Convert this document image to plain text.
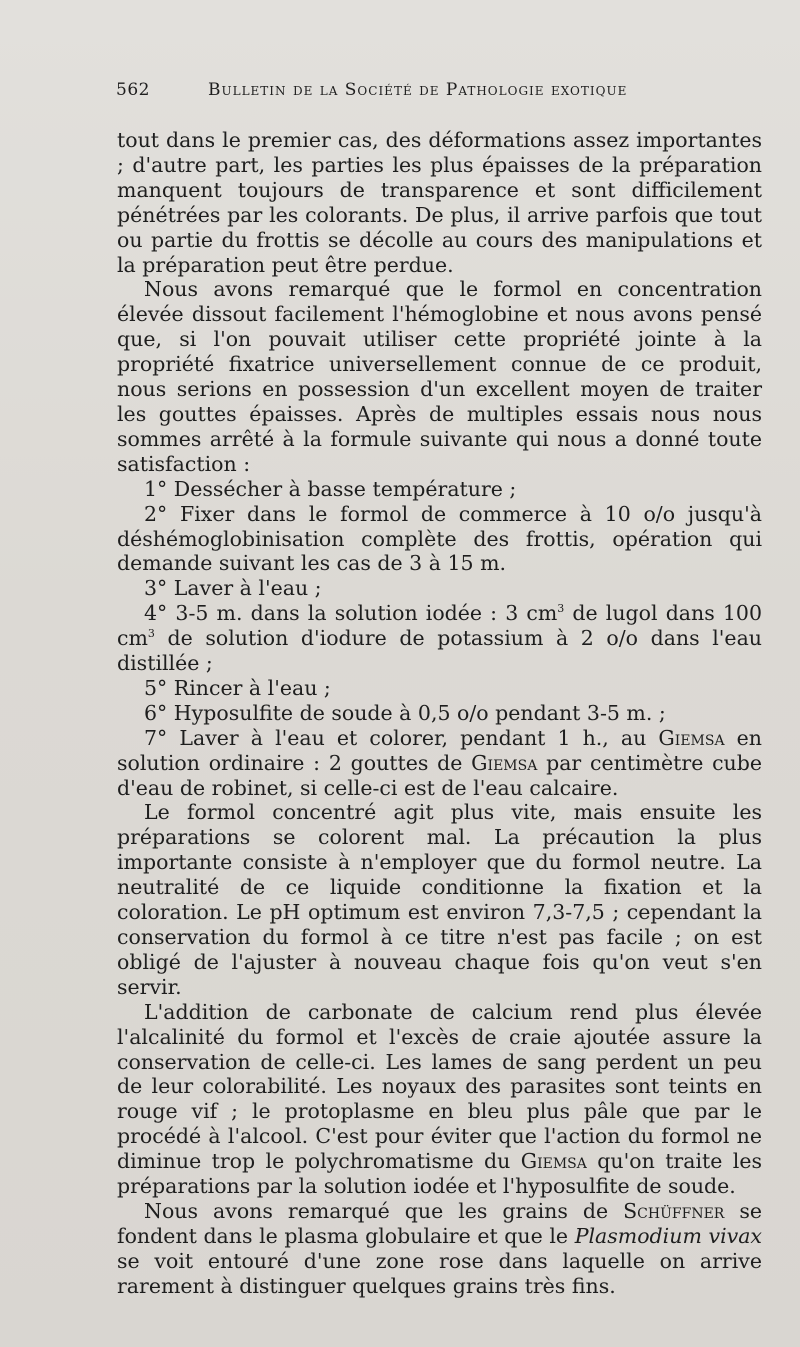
562	Bulletin de la Société de Pathologie exotique

tout dans le premier cas, des déformations assez importantes ; d'autre part, les parties les plus épaisses de la préparation manquent toujours de transparence et sont difficilement pénétrées par les colorants. De plus, il arrive parfois que tout ou partie du frottis se décolle au cours des manipulations et la préparation peut être perdue.

Nous avons remarqué que le formol en concentration élevée dissout facilement l'hémoglobine et nous avons pensé que, si l'on pouvait utiliser cette propriété jointe à la propriété fixatrice universellement connue de ce produit, nous serions en possession d'un excellent moyen de traiter les gouttes épaisses. Après de multiples essais nous nous sommes arrêté à la formule suivante qui nous a donné toute satisfaction :

1° Dessécher à basse température ;

2° Fixer dans le formol de commerce à 10 o/o jusqu'à déshémoglobinisation complète des frottis, opération qui demande suivant les cas de 3 à 15 m.

3° Laver à l'eau ;

4° 3-5 m. dans la solution iodée : 3 $cm^3$ de lugol dans 100 $cm^3$ de solution d'iodure de potassium à 2 o/o dans l'eau distillée ;

5° Rincer à l'eau ;

6° Hyposulfite de soude à 0,5 o/o pendant 3-5 m. ;

7° Laver à l'eau et colorer, pendant 1 h., au Giemsa en solution ordinaire : 2 gouttes de Giemsa par centimètre cube d'eau de robinet, si celle-ci est de l'eau calcaire.

Le formol concentré agit plus vite, mais ensuite les préparations se colorent mal. La précaution la plus importante consiste à n'employer que du formol neutre. La neutralité de ce liquide conditionne la fixation et la coloration. Le pH optimum est environ 7,3-7,5 ; cependant la conservation du formol à ce titre n'est pas facile ; on est obligé de l'ajuster à nouveau chaque fois qu'on veut s'en servir.

L'addition de carbonate de calcium rend plus élevée l'alcalinité du formol et l'excès de craie ajoutée assure la conservation de celle-ci. Les lames de sang perdent un peu de leur colorabilité. Les noyaux des parasites sont teints en rouge vif ; le protoplasme en bleu plus pâle que par le procédé à l'alcool. C'est pour éviter que l'action du formol ne diminue trop le polychromatisme du Giemsa qu'on traite les préparations par la solution iodée et l'hyposulfite de soude.

Nous avons remarqué que les grains de Schüffner se fondent dans le plasma globulaire et que le Plasmodium vivax se voit entouré d'une zone rose dans laquelle on arrive rarement à distinguer quelques grains très fins.
